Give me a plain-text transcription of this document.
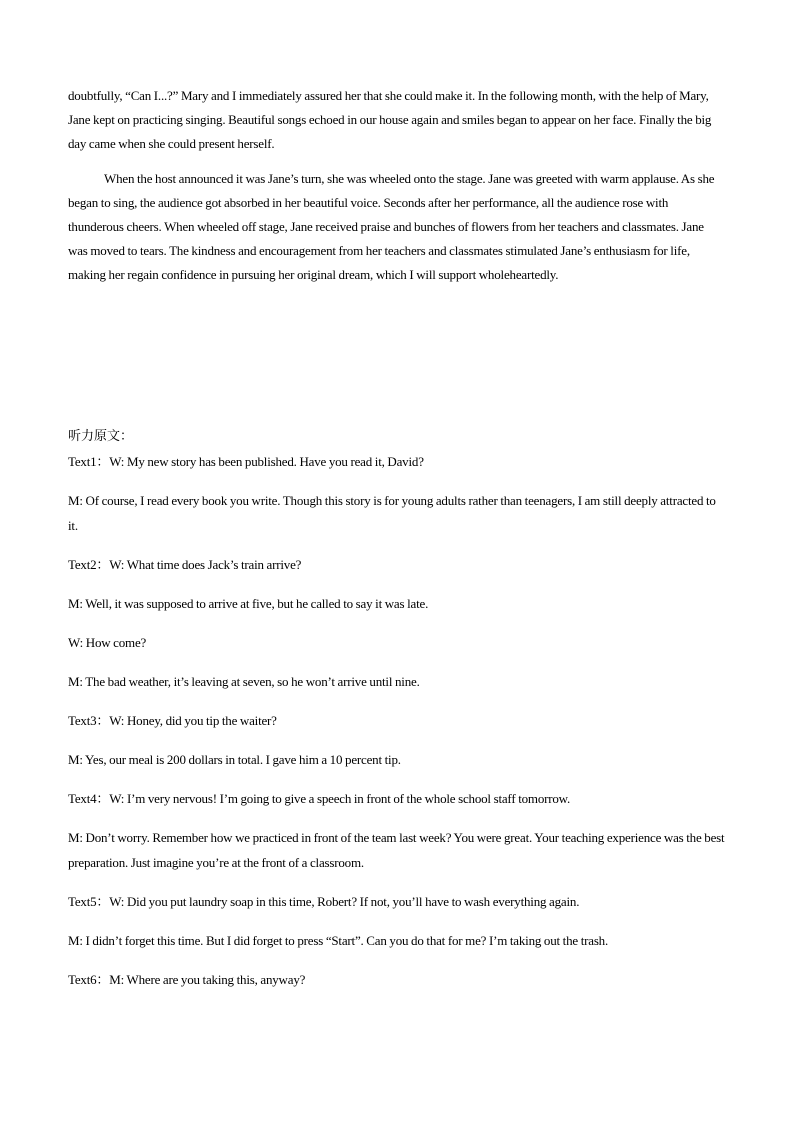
doubtfully, “Can I...?” Mary and I immediately assured her that she could make it. In the following month, with the help of Mary, Jane kept on practicing singing. Beautiful songs echoed in our house again and smiles began to appear on her face. Finally the big day came when she could present herself.

When the host announced it was Jane’s turn, she was wheeled onto the stage. Jane was greeted with warm applause. As she began to sing, the audience got absorbed in her beautiful voice. Seconds after her performance, all the audience rose with thunderous cheers. When wheeled off stage, Jane received praise and bunches of flowers from her teachers and classmates. Jane was moved to tears. The kindness and encouragement from her teachers and classmates stimulated Jane’s enthusiasm for life, making her regain confidence in pursuing her original dream, which I will support wholeheartedly.

听力原文：

Text1：W: My new story has been published. Have you read it, David?

M: Of course, I read every book you write. Though this story is for young adults rather than teenagers, I am still deeply attracted to it.

Text2：W: What time does Jack’s train arrive?

M: Well, it was supposed to arrive at five, but he called to say it was late.

W: How come?

M: The bad weather, it’s leaving at seven, so he won’t arrive until nine.

Text3：W: Honey, did you tip the waiter?

M: Yes, our meal is 200 dollars in total. I gave him a 10 percent tip.

Text4：W: I’m very nervous! I’m going to give a speech in front of the whole school staff tomorrow.

M: Don’t worry. Remember how we practiced in front of the team last week? You were great. Your teaching experience was the best preparation. Just imagine you’re at the front of a classroom.

Text5：W: Did you put laundry soap in this time, Robert? If not, you’ll have to wash everything again.

M: I didn’t forget this time. But I did forget to press “Start”. Can you do that for me? I’m taking out the trash.

Text6：M: Where are you taking this, anyway?
